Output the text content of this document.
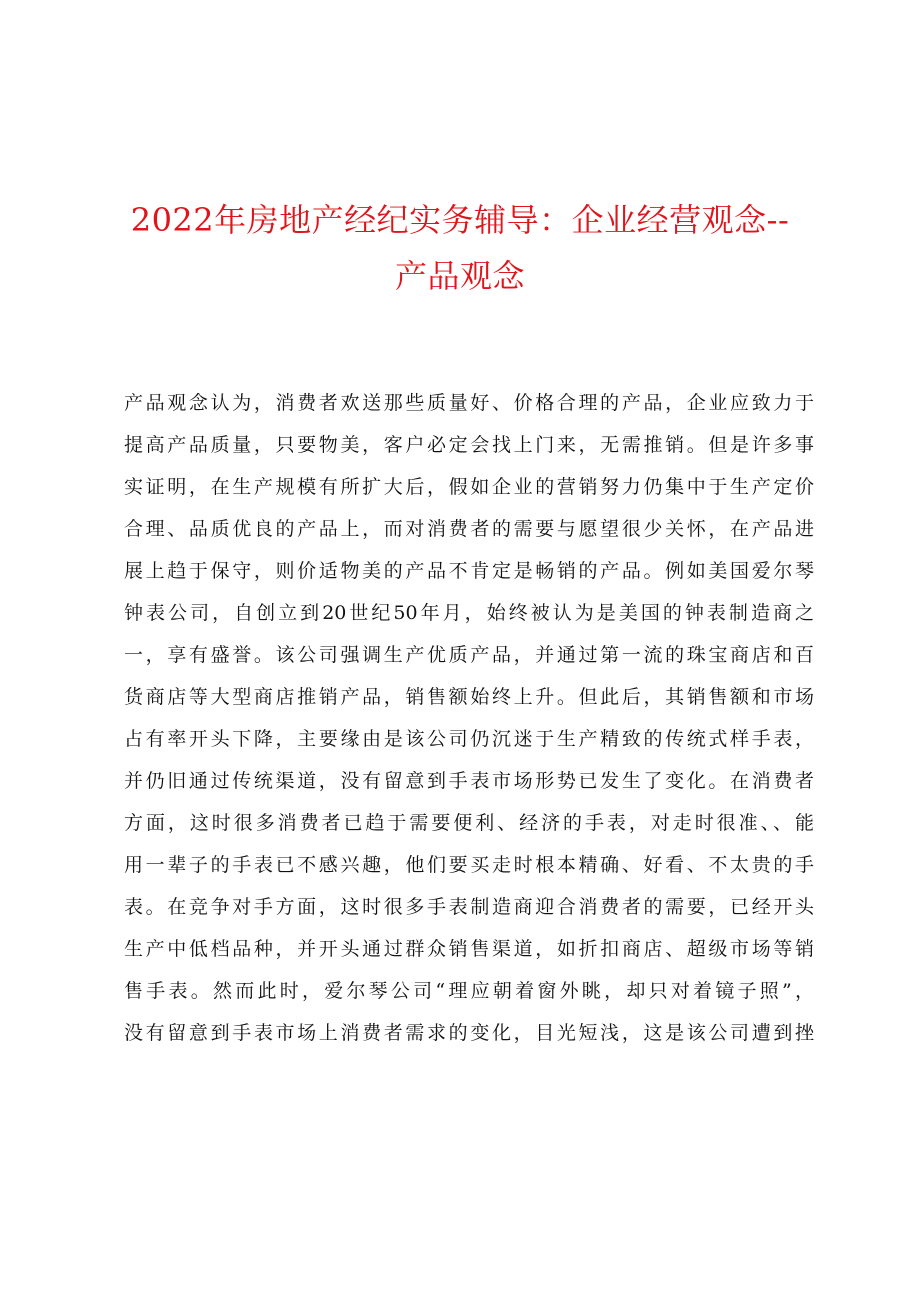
2022年房地产经纪实务辅导：企业经营观念--
产品观念
产品观念认为，消费者欢送那些质量好、价格合理的产品，企业应致力于
提高产品质量，只要物美，客户必定会找上门来，无需推销。但是许多事
实证明，在生产规模有所扩大后，假如企业的营销努力仍集中于生产定价
合理、品质优良的产品上，而对消费者的需要与愿望很少关怀，在产品进
展上趋于保守，则价适物美的产品不肯定是畅销的产品。例如美国爱尔琴
钟表公司，自创立到20世纪50年月，始终被认为是美国的钟表制造商之
一，享有盛誉。该公司强调生产优质产品，并通过第一流的珠宝商店和百
货商店等大型商店推销产品，销售额始终上升。但此后，其销售额和市场
占有率开头下降，主要缘由是该公司仍沉迷于生产精致的传统式样手表，
并仍旧通过传统渠道，没有留意到手表市场形势已发生了变化。在消费者
方面，这时很多消费者已趋于需要便利、经济的手表，对走时很准、、能
用一辈子的手表已不感兴趣，他们要买走时根本精确、好看、不太贵的手
表。在竞争对手方面，这时很多手表制造商迎合消费者的需要，已经开头
生产中低档品种，并开头通过群众销售渠道，如折扣商店、超级市场等销
售手表。然而此时，爱尔琴公司“理应朝着窗外眺，却只对着镜子照”，
没有留意到手表市场上消费者需求的变化，目光短浅，这是该公司遭到挫
